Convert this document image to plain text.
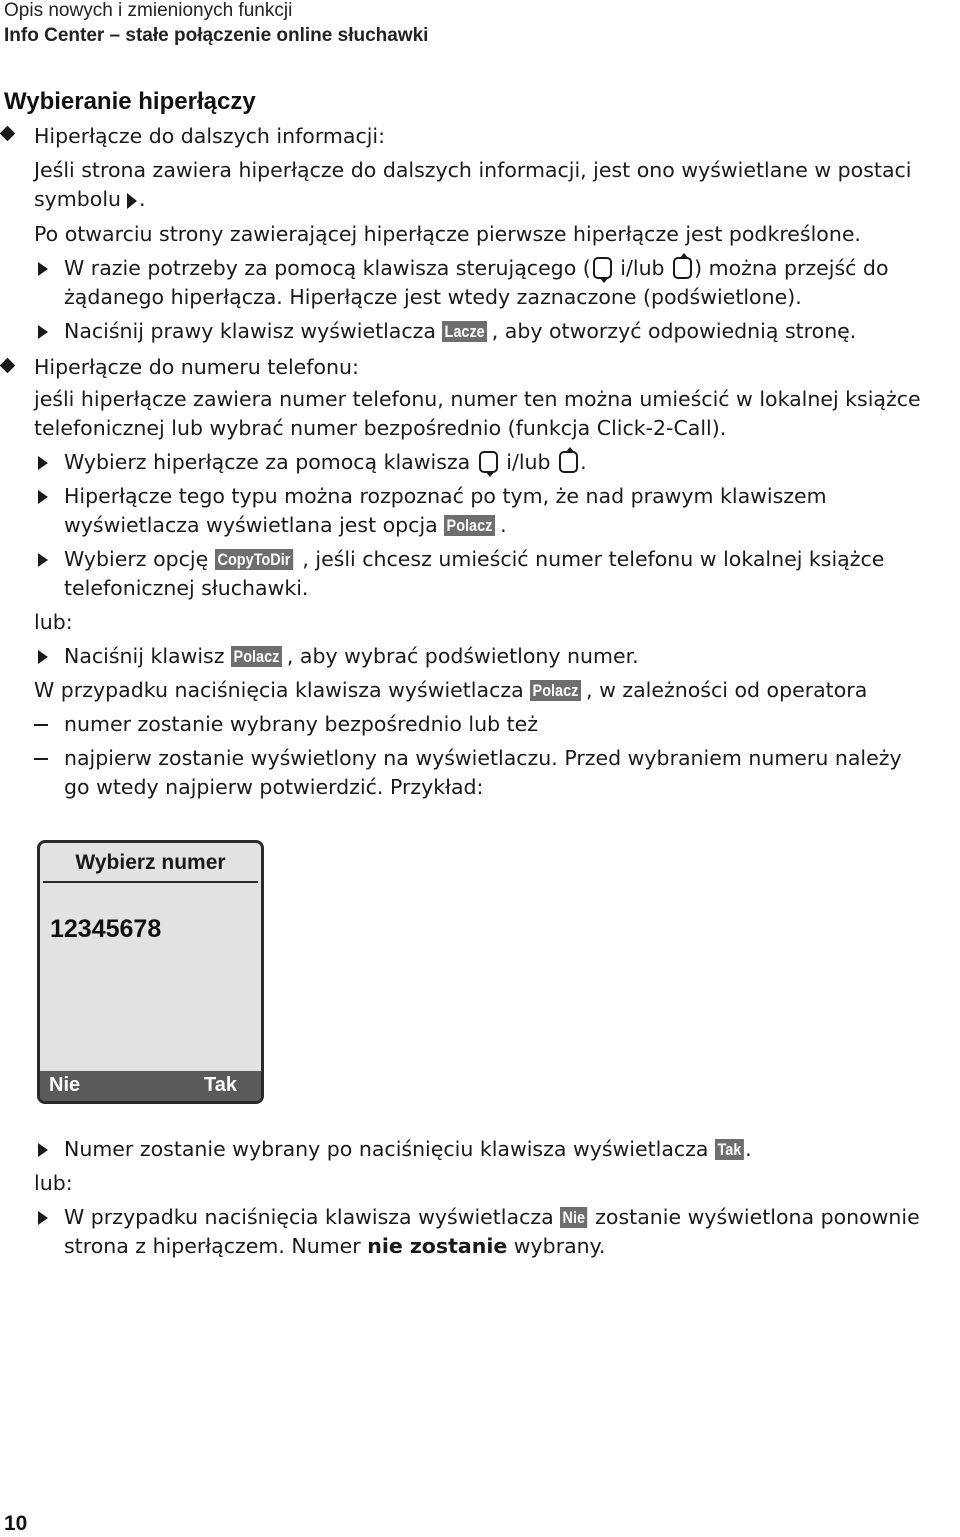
Opis nowych i zmienionych funkcji
Info Center – stałe połączenie online słuchawki
Wybieranie hiperłączy
Hiperłącze do dalszych informacji:
Jeśli strona zawiera hiperłącze do dalszych informacji, jest ono wyświetlane w postaci
symbolu .
Po otwarciu strony zawierającej hiperłącze pierwsze hiperłącze jest podkreślone.
W razie potrzeby za pomocą klawisza sterującego ( i/lub ) można przejść do
żądanego hiperłącza. Hiperłącze jest wtedy zaznaczone (podświetlone).
Naciśnij prawy klawisz wyświetlacza Lacze , aby otworzyć odpowiednią stronę.
Hiperłącze do numeru telefonu:
jeśli hiperłącze zawiera numer telefonu, numer ten można umieścić w lokalnej książce
telefonicznej lub wybrać numer bezpośrednio (funkcja Click-2-Call).
Wybierz hiperłącze za pomocą klawisza  i/lub .
Hiperłącze tego typu można rozpoznać po tym, że nad prawym klawiszem
wyświetlacza wyświetlana jest opcja Polacz .
Wybierz opcję CopyToDir , jeśli chcesz umieścić numer telefonu w lokalnej książce
telefonicznej słuchawki.
lub:
Naciśnij klawisz Polacz , aby wybrać podświetlony numer.
W przypadku naciśnięcia klawisza wyświetlacza Polacz , w zależności od operatora
numer zostanie wybrany bezpośrednio lub też
najpierw zostanie wyświetlony na wyświetlaczu. Przed wybraniem numeru należy
go wtedy najpierw potwierdzić. Przykład:
Wybierz numer
12345678
Nie	Tak
Numer zostanie wybrany po naciśnięciu klawisza wyświetlacza Tak .
lub:
W przypadku naciśnięcia klawisza wyświetlacza Nie zostanie wyświetlona ponownie
strona z hiperłączem. Numer nie zostanie wybrany.
10
